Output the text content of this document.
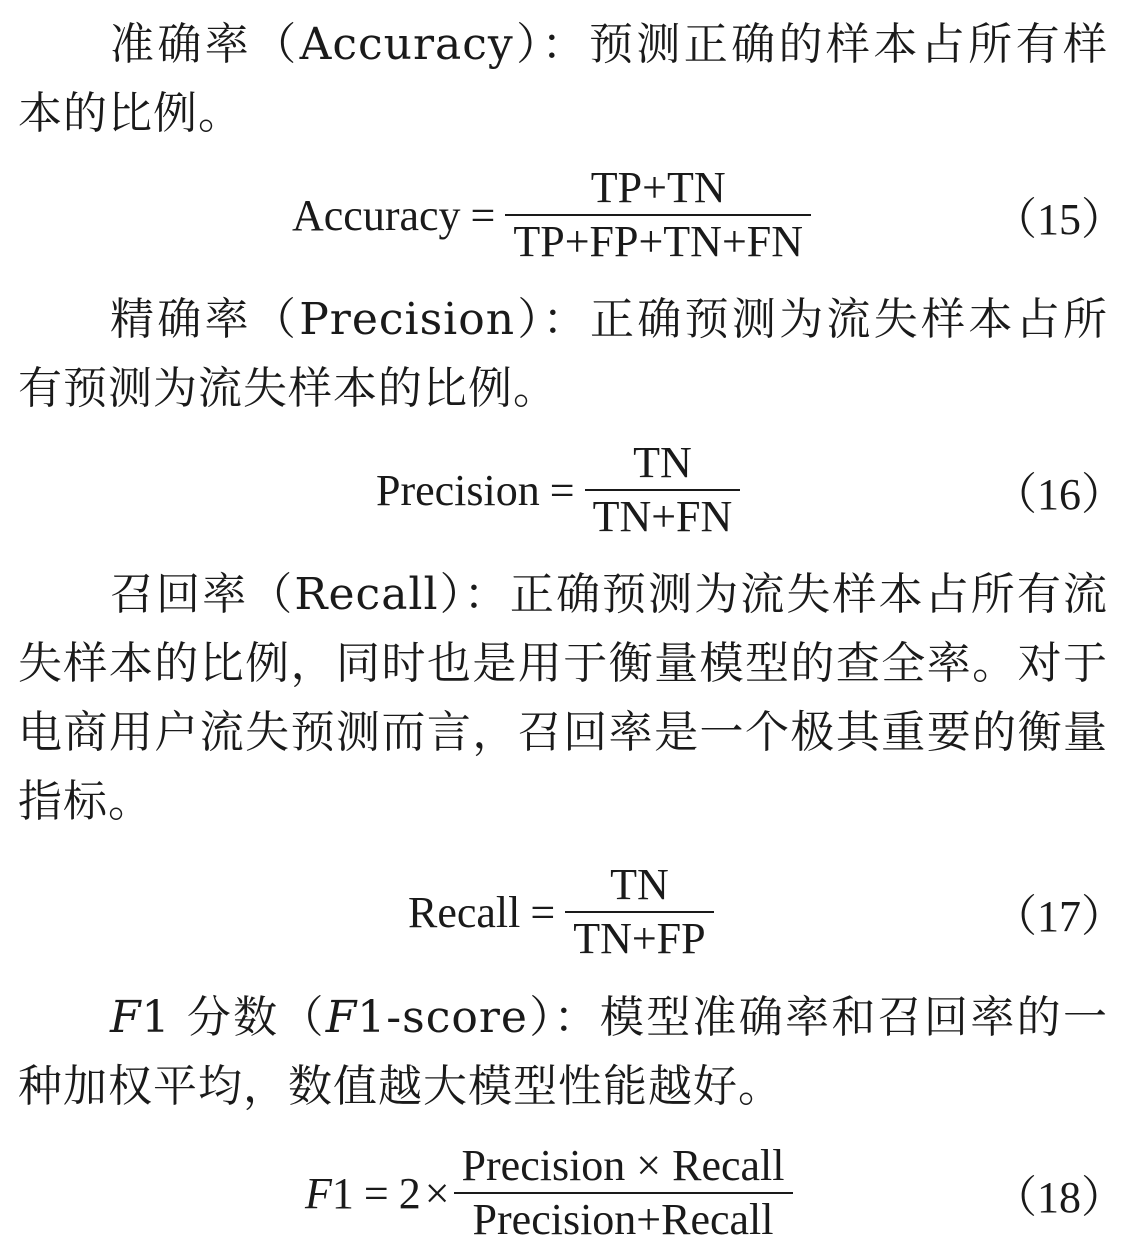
准确率（Accuracy）：预测正确的样本占所有样本的比例。

Accuracy = $\frac{TP+TN}{TP+FP+TN+FN}$	（15）

精确率（Precision）：正确预测为流失样本占所有预测为流失样本的比例。

Precision = $\frac{TN}{TN+FN}$	（16）

召回率（Recall）：正确预测为流失样本占所有流失样本的比例，同时也是用于衡量模型的查全率。对于电商用户流失预测而言，召回率是一个极其重要的衡量指标。

Recall = $\frac{TN}{TN+FP}$	（17）

F1 分数（F1-score）：模型准确率和召回率的一种加权平均，数值越大模型性能越好。

$F1 = 2 \times \frac{\text{Precision × Recall}}{\text{Precision+Recall}}$	（18）
